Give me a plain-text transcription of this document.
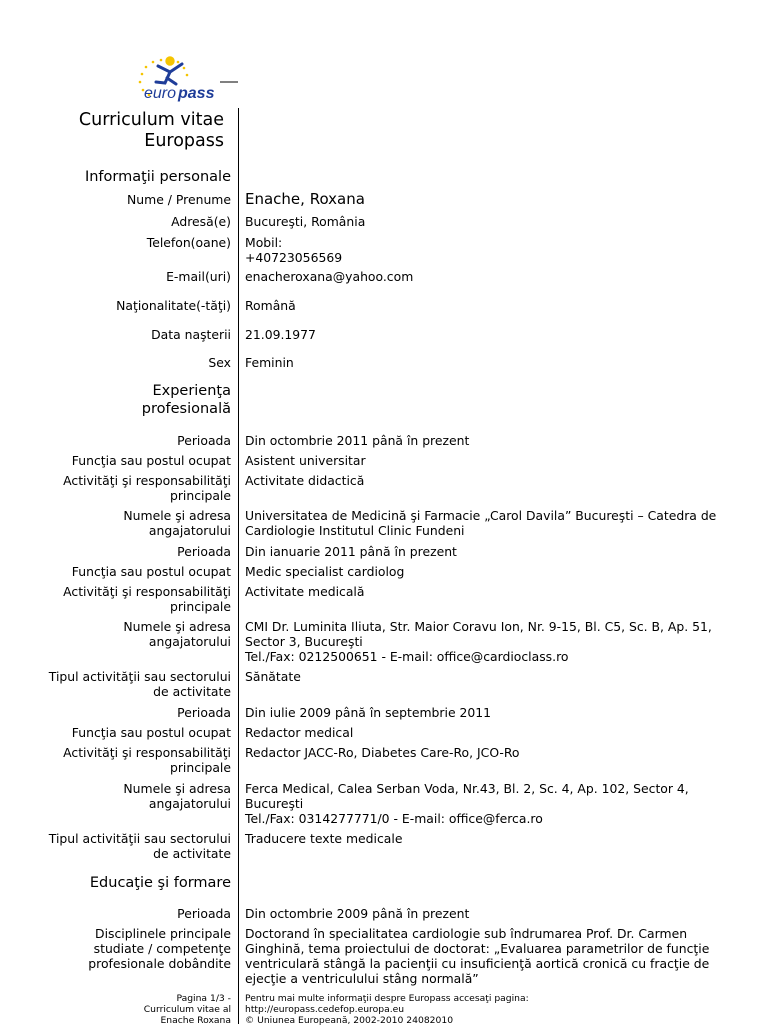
euro pass
Curriculum vitae
Europass
Informaţii personale
Nume / Prenume Enache, Roxana
Adresă(e) Bucureşti, România
Telefon(oane) Mobil:
+40723056569
E-mail(uri) enacheroxana@yahoo.com
Naţionalitate(-tăţi) Română
Data naşterii 21.09.1977
Sex Feminin
Experienţa
profesională
Perioada Din octombrie 2011 până în prezent
Funcţia sau postul ocupat Asistent universitar
Activităţi şi responsabilităţi
principale
Activitate didactică
Numele şi adresa
angajatorului
Universitatea de Medicină şi Farmacie „Carol Davila” Bucureşti – Catedra de
Cardiologie Institutul Clinic Fundeni
Perioada Din ianuarie 2011 până în prezent
Funcţia sau postul ocupat Medic specialist cardiolog
Activităţi şi responsabilităţi
principale
Activitate medicală
Numele şi adresa
angajatorului
CMI Dr. Luminita Iliuta, Str. Maior Coravu Ion, Nr. 9-15, Bl. C5, Sc. B, Ap. 51,
Sector 3, Bucureşti
Tel./Fax: 0212500651 - E-mail: office@cardioclass.ro
Tipul activităţii sau sectorului
de activitate
Sănătate
Perioada Din iulie 2009 până în septembrie 2011
Funcţia sau postul ocupat Redactor medical
Activităţi şi responsabilităţi
principale
Redactor JACC-Ro, Diabetes Care-Ro, JCO-Ro
Numele şi adresa
angajatorului
Ferca Medical, Calea Serban Voda, Nr.43, Bl. 2, Sc. 4, Ap. 102, Sector 4,
Bucureşti
Tel./Fax: 0314277771/0 - E-mail: office@ferca.ro
Tipul activităţii sau sectorului
de activitate
Traducere texte medicale
Educaţie şi formare
Perioada Din octombrie 2009 până în prezent
Disciplinele principale
studiate / competenţe
profesionale dobândite
Doctorand în specialitatea cardiologie sub îndrumarea Prof. Dr. Carmen
Ginghină, tema proiectului de doctorat: „Evaluarea parametrilor de funcţie
ventriculară stângă la pacienţii cu insuficienţă aortică cronică cu fracţie de
ejecţie a ventriculului stâng normală”
Pagina 1/3 -
Curriculum vitae al
Enache Roxana
Pentru mai multe informaţii despre Europass accesaţi pagina:
http://europass.cedefop.europa.eu
© Uniunea Europeană, 2002-2010 24082010
